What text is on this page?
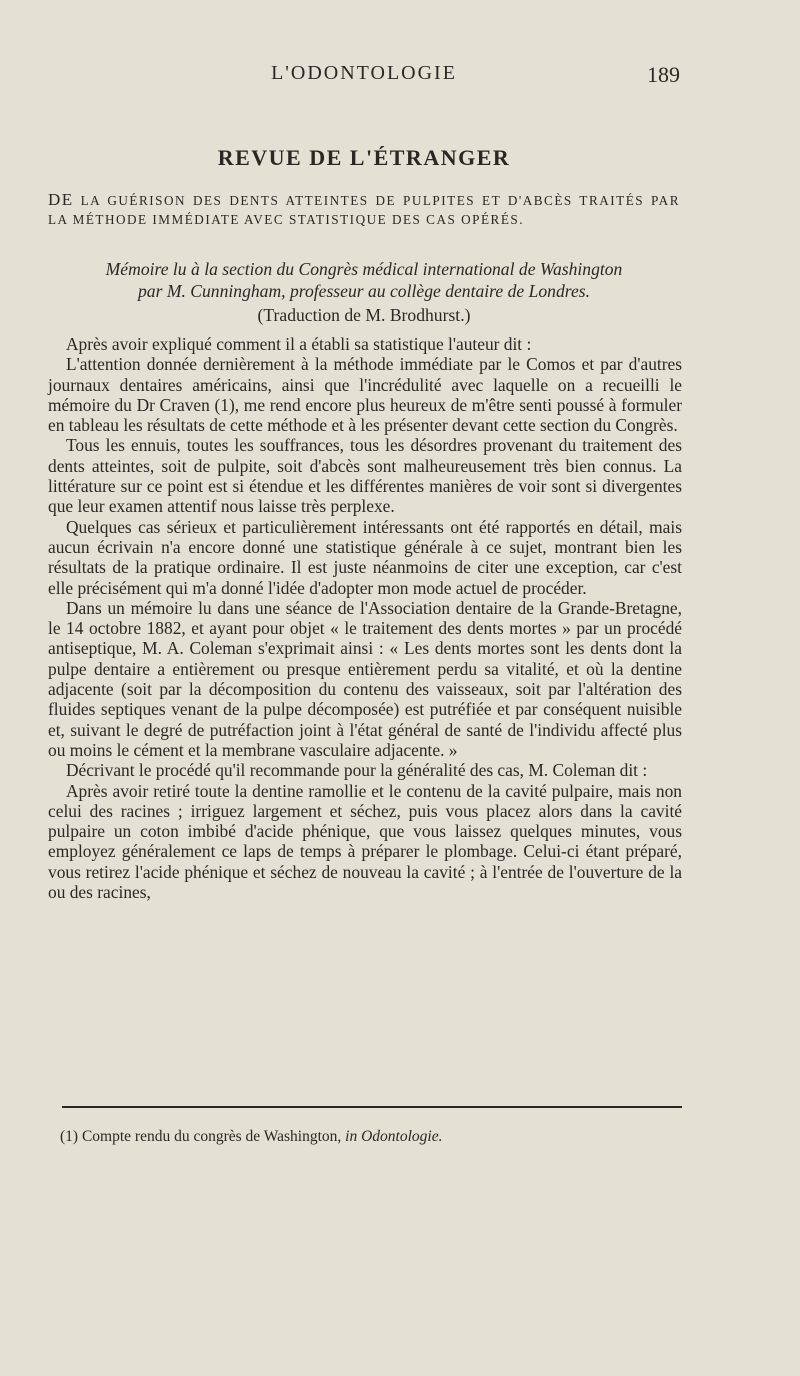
L'ODONTOLOGIE	189
REVUE DE L'ÉTRANGER
DE LA GUÉRISON DES DENTS ATTEINTES DE PULPITES ET D'ABCÈS TRAITÉS PAR LA MÉTHODE IMMÉDIATE AVEC STATISTIQUE DES CAS OPÉRÉS.
Mémoire lu à la section du Congrès médical international de Washington
par M. Cunningham, professeur au collège dentaire de Londres.
(Traduction de M. Brodhurst.)

Après avoir expliqué comment il a établi sa statistique l'auteur dit :

L'attention donnée dernièrement à la méthode immédiate par le Comos et par d'autres journaux dentaires américains, ainsi que l'incrédulité avec laquelle on a recueilli le mémoire du Dr Craven (1), me rend encore plus heureux de m'être senti poussé à formuler en tableau les résultats de cette méthode et à les présenter devant cette section du Congrès.

Tous les ennuis, toutes les souffrances, tous les désordres provenant du traitement des dents atteintes, soit de pulpite, soit d'abcès sont malheureusement très bien connus. La littérature sur ce point est si étendue et les différentes manières de voir sont si divergentes que leur examen attentif nous laisse très perplexe.

Quelques cas sérieux et particulièrement intéressants ont été rapportés en détail, mais aucun écrivain n'a encore donné une statistique générale à ce sujet, montrant bien les résultats de la pratique ordinaire. Il est juste néanmoins de citer une exception, car c'est elle précisément qui m'a donné l'idée d'adopter mon mode actuel de procéder.

Dans un mémoire lu dans une séance de l'Association dentaire de la Grande-Bretagne, le 14 octobre 1882, et ayant pour objet « le traitement des dents mortes » par un procédé antiseptique, M. A. Coleman s'exprimait ainsi : « Les dents mortes sont les dents dont la pulpe dentaire a entièrement ou presque entièrement perdu sa vitalité, et où la dentine adjacente (soit par la décomposition du contenu des vaisseaux, soit par l'altération des fluides septiques venant de la pulpe décomposée) est putréfiée et par conséquent nuisible et, suivant le degré de putréfaction joint à l'état général de santé de l'individu affecté plus ou moins le cément et la membrane vasculaire adjacente. »

Décrivant le procédé qu'il recommande pour la généralité des cas, M. Coleman dit :

Après avoir retiré toute la dentine ramollie et le contenu de la cavité pulpaire, mais non celui des racines ; irriguez largement et séchez, puis vous placez alors dans la cavité pulpaire un coton imbibé d'acide phénique, que vous laissez quelques minutes, vous employez généralement ce laps de temps à préparer le plombage. Celui-ci étant préparé, vous retirez l'acide phénique et séchez de nouveau la cavité ; à l'entrée de l'ouverture de la ou des racines,

(1) Compte rendu du congrès de Washington, in Odontologie.
